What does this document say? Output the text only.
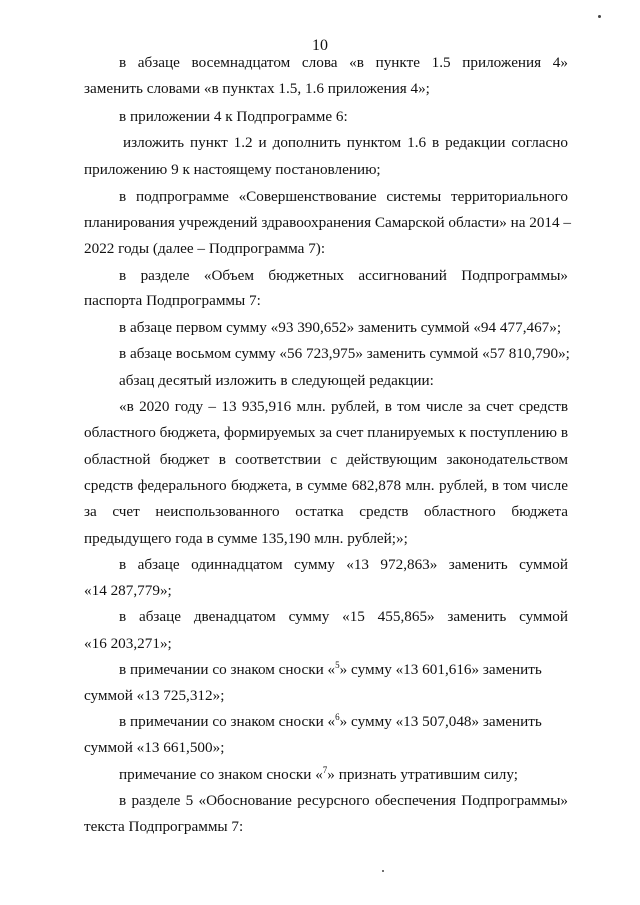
10
в абзаце восемнадцатом слова «в пункте 1.5 приложения 4»
заменить словами «в пунктах 1.5, 1.6 приложения 4»;
в приложении 4 к Подпрограмме 6:
изложить пункт 1.2 и дополнить пунктом 1.6 в редакции согласно
приложению 9 к настоящему постановлению;
в подпрограмме «Совершенствование системы территориального
планирования учреждений здравоохранения Самарской области» на 2014 –
2022 годы (далее – Подпрограмма 7):
в разделе «Объем бюджетных ассигнований Подпрограммы»
паспорта Подпрограммы 7:
в абзаце первом сумму «93 390,652» заменить суммой «94 477,467»;
в абзаце восьмом сумму «56 723,975» заменить суммой «57 810,790»;
абзац десятый изложить в следующей редакции:
«в 2020 году – 13 935,916 млн. рублей, в том числе за счет средств
областного бюджета, формируемых за счет планируемых к поступлению в
областной бюджет в соответствии с действующим законодательством
средств федерального бюджета, в сумме 682,878 млн. рублей, в том числе
за счет неиспользованного остатка средств областного бюджета
предыдущего года в сумме 135,190 млн. рублей;»;
в абзаце одиннадцатом сумму «13 972,863» заменить суммой
«14 287,779»;
в абзаце двенадцатом сумму «15 455,865» заменить суммой
«16 203,271»;
в примечании со знаком сноски «$^5$» сумму «13 601,616» заменить
суммой «13 725,312»;
в примечании со знаком сноски «$^6$» сумму «13 507,048» заменить
суммой «13 661,500»;
примечание со знаком сноски «$^7$» признать утратившим силу;
в разделе 5 «Обоснование ресурсного обеспечения Подпрограммы»
текста Подпрограммы 7:
